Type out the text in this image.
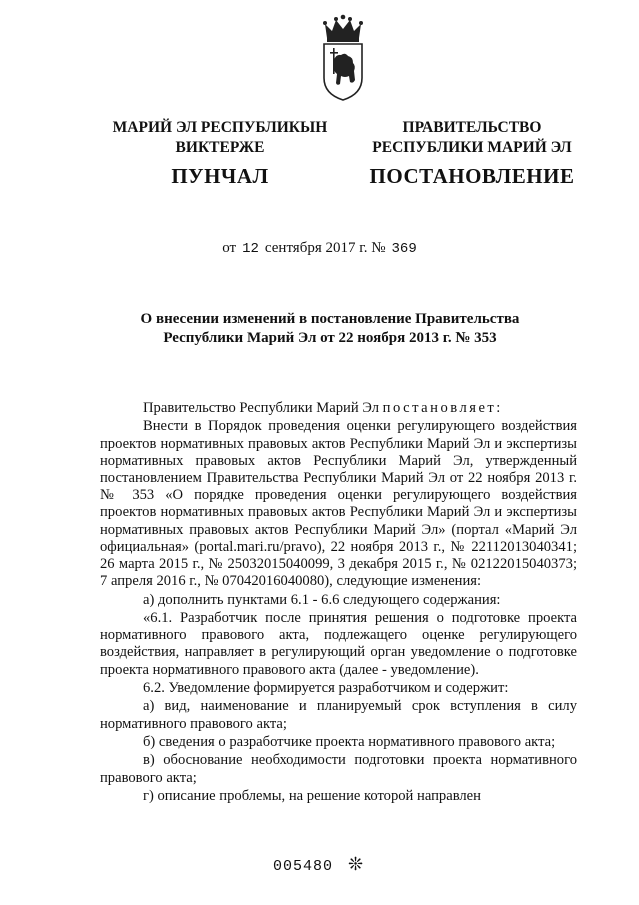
МАРИЙ ЭЛ РЕСПУБЛИКЫН
ВИКТЕРЖЕ
ПРАВИТЕЛЬСТВО
РЕСПУБЛИКИ МАРИЙ ЭЛ
ПУНЧАЛ	ПОСТАНОВЛЕНИЕ
от 12 сентября 2017 г. № 369
О внесении изменений в постановление Правительства
Республики Марий Эл от 22 ноября 2013 г. № 353

Правительство Республики Марий Эл постановляет:

Внести в Порядок проведения оценки регулирующего воздействия проектов нормативных правовых актов Республики Марий Эл и экспертизы нормативных правовых актов Республики Марий Эл, утвержденный постановлением Правительства Республики Марий Эл от 22 ноября 2013 г. № 353 «О порядке проведения оценки регулирующего воздействия проектов нормативных правовых актов Республики Марий Эл и экспертизы нормативных правовых актов Республики Марий Эл» (портал «Марий Эл официальная» (portal.mari.ru/pravo), 22 ноября 2013 г., № 22112013040341; 26 марта 2015 г., № 25032015040099, 3 декабря 2015 г., № 02122015040373; 7 апреля 2016 г., № 07042016040080), следующие изменения:

а) дополнить пунктами 6.1 - 6.6 следующего содержания:

«6.1. Разработчик после принятия решения о подготовке проекта нормативного правового акта, подлежащего оценке регулирующего воздействия, направляет в регулирующий орган уведомление о подготовке проекта нормативного правового акта (далее - уведомление).

6.2. Уведомление формируется разработчиком и содержит:

а) вид, наименование и планируемый срок вступления в силу нормативного правового акта;

б) сведения о разработчике проекта нормативного правового акта;

в) обоснование необходимости подготовки проекта нормативного правового акта;

г) описание проблемы, на решение которой направлен

005480 ❊
